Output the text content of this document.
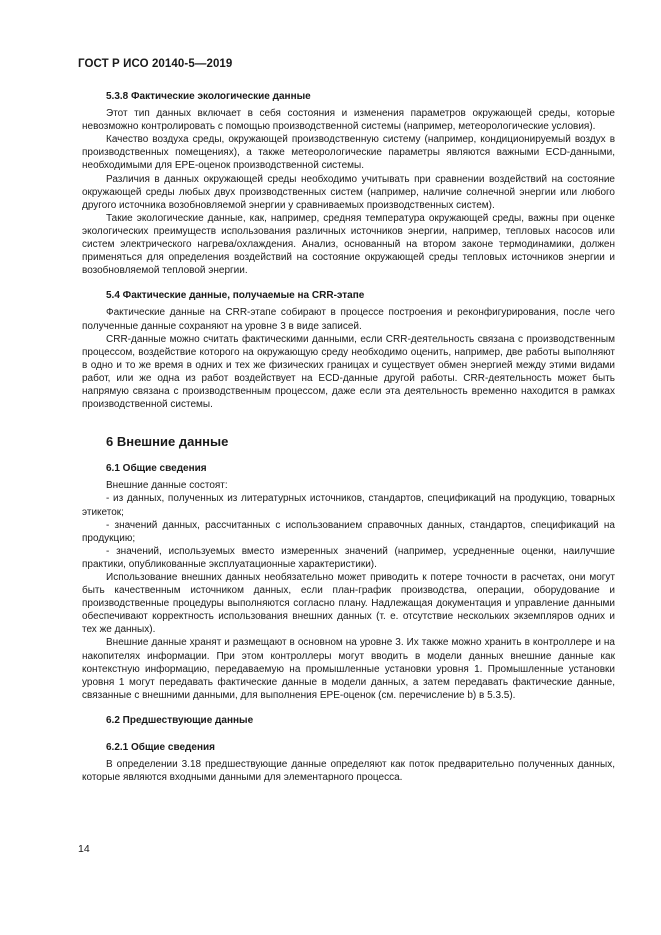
ГОСТ Р ИСО 20140-5—2019
5.3.8 Фактические экологические данные

Этот тип данных включает в себя состояния и изменения параметров окружающей среды, которые невозможно контролировать с помощью производственной системы (например, метеорологические условия).

Качество воздуха среды, окружающей производственную систему (например, кондиционируемый воздух в производственных помещениях), а также метеорологические параметры являются важными ECD-данными, необходимыми для EPE-оценок производственной системы.

Различия в данных окружающей среды необходимо учитывать при сравнении воздействий на состояние окружающей среды любых двух производственных систем (например, наличие солнечной энергии или любого другого источника возобновляемой энергии у сравниваемых производственных систем).

Такие экологические данные, как, например, средняя температура окружающей среды, важны при оценке экологических преимуществ использования различных источников энергии, например, тепловых насосов или систем электрического нагрева/охлаждения. Анализ, основанный на втором законе термодинамики, должен применяться для определения воздействий на состояние окружающей среды тепловых источников энергии и возобновляемой тепловой энергии.

5.4 Фактические данные, получаемые на CRR-этапе

Фактические данные на CRR-этапе собирают в процессе построения и реконфигурирования, после чего полученные данные сохраняют на уровне 3 в виде записей.

CRR-данные можно считать фактическими данными, если CRR-деятельность связана с производственным процессом, воздействие которого на окружающую среду необходимо оценить, например, две работы выполняют в одно и то же время в одних и тех же физических границах и существует обмен энергией между этими видами работ, или же одна из работ воздействует на ECD-данные другой работы. CRR-деятельность может быть напрямую связана с производственным процессом, даже если эта деятельность временно находится в рамках производственной системы.

6 Внешние данные
6.1 Общие сведения

Внешние данные состоят:

- из данных, полученных из литературных источников, стандартов, спецификаций на продукцию, товарных этикеток;

- значений данных, рассчитанных с использованием справочных данных, стандартов, спецификаций на продукцию;

- значений, используемых вместо измеренных значений (например, усредненные оценки, наилучшие практики, опубликованные эксплуатационные характеристики).

Использование внешних данных необязательно может приводить к потере точности в расчетах, они могут быть качественным источником данных, если план-график производства, операции, оборудование и производственные процедуры выполняются согласно плану. Надлежащая документация и управление данными обеспечивают корректность использования внешних данных (т. е. отсутствие нескольких экземпляров одних и тех же данных).

Внешние данные хранят и размещают в основном на уровне 3. Их также можно хранить в контроллере и на накопителях информации. При этом контроллеры могут вводить в модели данных внешние данные как контекстную информацию, передаваемую на промышленные установки уровня 1. Промышленные установки уровня 1 могут передавать фактические данные в модели данных, а затем передавать фактические данные, связанные с внешними данными, для выполнения EPE-оценок (см. перечисление b) в 5.3.5).

6.2 Предшествующие данные
6.2.1 Общие сведения

В определении 3.18 предшествующие данные определяют как поток предварительно полученных данных, которые являются входными данными для элементарного процесса.

14
